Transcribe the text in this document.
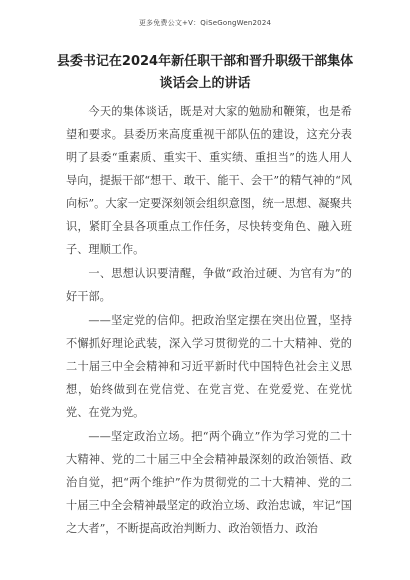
更多免费公文+V：QiSeGongWen2024
县委书记在2024年新任职干部和晋升职级干部集体谈话会上的讲话

今天的集体谈话，既是对大家的勉励和鞭策，也是希望和要求。县委历来高度重视干部队伍的建设，这充分表明了县委“重素质、重实干、重实绩、重担当”的选人用人导向，提振干部“想干、敢干、能干、会干”的精气神的“风向标”。大家一定要深刻领会组织意图，统一思想、凝聚共识，紧盯全县各项重点工作任务，尽快转变角色、融入班子、理顺工作。

一、思想认识要清醒，争做“政治过硬、为官有为”的好干部。

——坚定党的信仰。把政治坚定摆在突出位置，坚持不懈抓好理论武装，深入学习贯彻党的二十大精神、党的二十届三中全会精神和习近平新时代中国特色社会主义思想，始终做到在党信党、在党言党、在党爱党、在党忧党、在党为党。

——坚定政治立场。把“两个确立”作为学习党的二十大精神、党的二十届三中全会精神最深刻的政治领悟、政治自觉，把“两个维护”作为贯彻党的二十大精神、党的二十届三中全会精神最坚定的政治立场、政治忠诚，牢记“国之大者”，不断提高政治判断力、政治领悟力、政治
